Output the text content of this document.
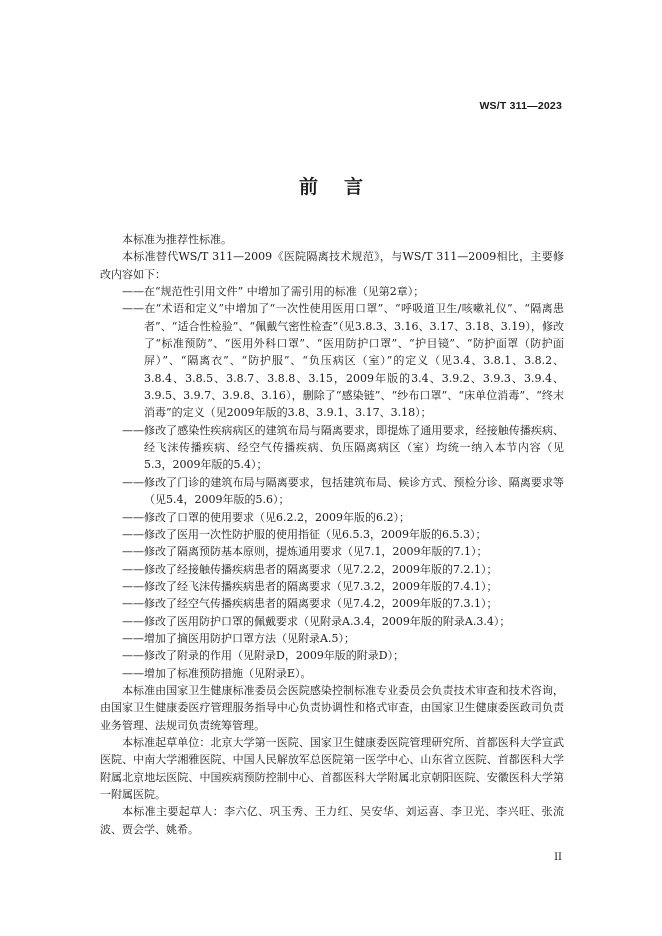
WS/T 311—2023
前言

本标准为推荐性标准。

本标准替代WS/T 311—2009《医院隔离技术规范》，与WS/T 311—2009相比，主要修改内容如下：

——在“规范性引用文件” 中增加了需引用的标准（见第2章）；

——在“术语和定义”中增加了“一次性使用医用口罩”、“呼吸道卫生/咳嗽礼仪”、“隔离患者”、“适合性检验”、“佩戴气密性检查”（见3.8.3、3.16、3.17、3.18、3.19），修改了“标准预防”、“医用外科口罩”、“医用防护口罩”、“护目镜”、“防护面罩（防护面屏）”、“隔离衣”、“防护服”、“负压病区（室）”的定义（见3.4、3.8.1、3.8.2、3.8.4、3.8.5、3.8.7、3.8.8、3.15，2009年版的3.4、3.9.2、3.9.3、3.9.4、3.9.5、3.9.7、3.9.8、3.16），删除了“感染链”、“纱布口罩”、“床单位消毒”、“终末消毒”的定义（见2009年版的3.8、3.9.1、3.17、3.18）；

——修改了感染性疾病病区的建筑布局与隔离要求，即提炼了通用要求，经接触传播疾病、经飞沫传播疾病、经空气传播疾病、负压隔离病区（室）均统一纳入本节内容（见5.3，2009年版的5.4）；

——修改了门诊的建筑布局与隔离要求，包括建筑布局、候诊方式、预检分诊、隔离要求等（见5.4，2009年版的5.6）；

——修改了口罩的使用要求（见6.2.2，2009年版的6.2）；

——修改了医用一次性防护服的使用指征（见6.5.3，2009年版的6.5.3）；

——修改了隔离预防基本原则，提炼通用要求（见7.1，2009年版的7.1）；

——修改了经接触传播疾病患者的隔离要求（见7.2.2，2009年版的7.2.1）；

——修改了经飞沫传播疾病患者的隔离要求（见7.3.2，2009年版的7.4.1）；

——修改了经空气传播疾病患者的隔离要求（见7.4.2，2009年版的7.3.1）；

——修改了医用防护口罩的佩戴要求（见附录A.3.4，2009年版的附录A.3.4）；

——增加了摘医用防护口罩方法（见附录A.5）；

——修改了附录的作用（见附录D，2009年版的附录D）；

——增加了标准预防措施（见附录E）。

本标准由国家卫生健康标准委员会医院感染控制标准专业委员会负责技术审查和技术咨询，由国家卫生健康委医疗管理服务指导中心负责协调性和格式审查，由国家卫生健康委医政司负责业务管理、法规司负责统筹管理。

本标准起草单位：北京大学第一医院、国家卫生健康委医院管理研究所、首都医科大学宣武医院、中南大学湘雅医院、中国人民解放军总医院第一医学中心、山东省立医院、首都医科大学附属北京地坛医院、中国疾病预防控制中心、首都医科大学附属北京朝阳医院、安徽医科大学第一附属医院。

本标准主要起草人：李六亿、巩玉秀、王力红、吴安华、刘运喜、李卫光、李兴旺、张流波、贾会学、姚希。

II
